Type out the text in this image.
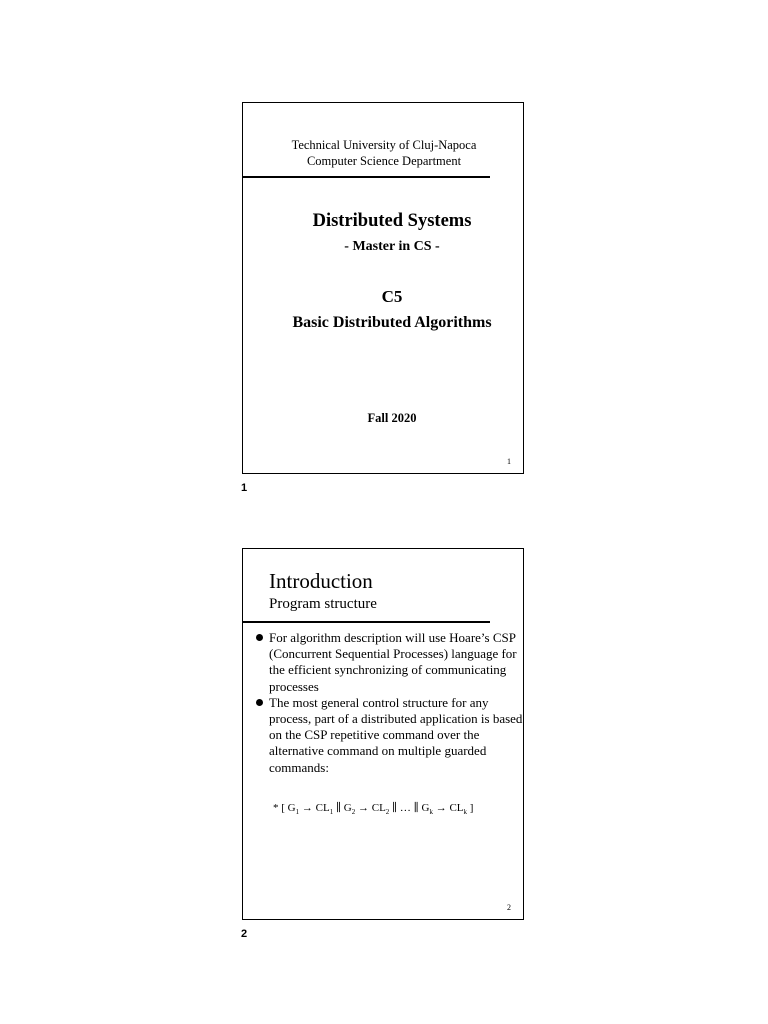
Technical University of Cluj-Napoca
Computer Science Department
Distributed Systems
- Master in CS -
C5
Basic Distributed Algorithms
Fall 2020
1
1
Introduction
Program structure
For algorithm description will use Hoare’s CSP (Concurrent Sequential Processes) language for the efficient synchronizing of communicating processes
The most general control structure for any process, part of a distributed application is based on the CSP repetitive command over the alternative command on multiple guarded commands:
* [ $G_1 \to CL_1$ ∥ $G_2 \to CL_2$ ∥ … ∥ $G_k \to CL_k$ ]
2
2
